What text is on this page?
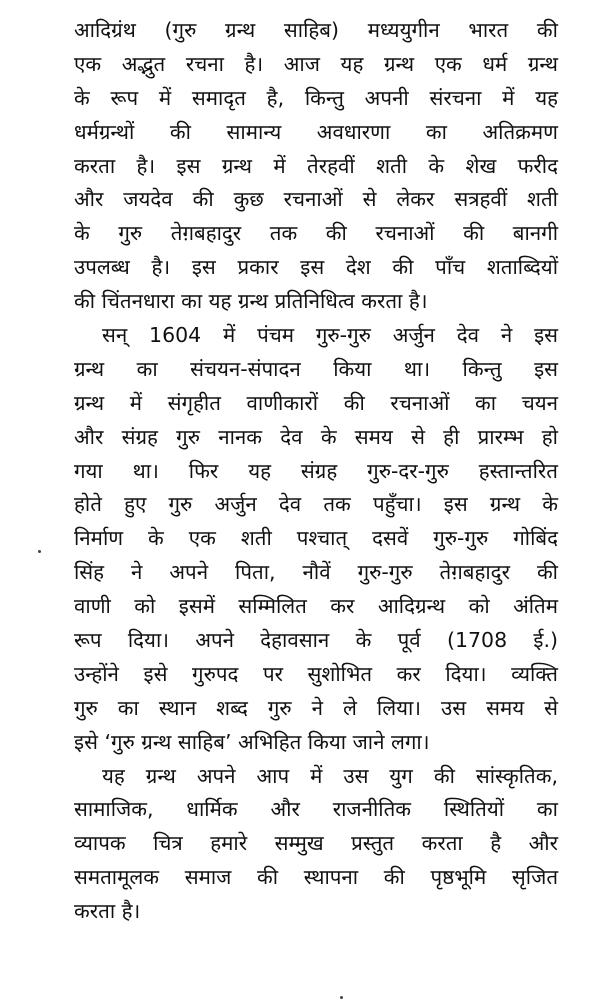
आदिग्रंथ (गुरु ग्रन्थ साहिब) मध्ययुगीन भारत की
एक अद्भुत रचना है। आज यह ग्रन्थ एक धर्म ग्रन्थ
के रूप में समादृत है, किन्तु अपनी संरचना में यह
धर्मग्रन्थों की सामान्य अवधारणा का अतिक्रमण
करता है। इस ग्रन्थ में तेरहवीं शती के शेख फरीद
और जयदेव की कुछ रचनाओं से लेकर सत्रहवीं शती
के गुरु तेग़बहादुर तक की रचनाओं की बानगी
उपलब्ध है। इस प्रकार इस देश की पाँच शताब्दियों
की चिंतनधारा का यह ग्रन्थ प्रतिनिधित्व करता है।
सन् 1604 में पंचम गुरु-गुरु अर्जुन देव ने इस
ग्रन्थ का संचयन-संपादन किया था। किन्तु इस
ग्रन्थ में संगृहीत वाणीकारों की रचनाओं का चयन
और संग्रह गुरु नानक देव के समय से ही प्रारम्भ हो
गया था। फिर यह संग्रह गुरु-दर-गुरु हस्तान्तरित
होते हुए गुरु अर्जुन देव तक पहुँचा। इस ग्रन्थ के
निर्माण के एक शती पश्चात् दसवें गुरु-गुरु गोबिंद
सिंह ने अपने पिता, नौवें गुरु-गुरु तेग़बहादुर की
वाणी को इसमें सम्मिलित कर आदिग्रन्थ को अंतिम
रूप दिया। अपने देहावसान के पूर्व (1708 ई.)
उन्होंने इसे गुरुपद पर सुशोभित कर दिया। व्यक्ति
गुरु का स्थान शब्द गुरु ने ले लिया। उस समय से
इसे ‘गुरु ग्रन्थ साहिब’ अभिहित किया जाने लगा।
यह ग्रन्थ अपने आप में उस युग की सांस्कृतिक,
सामाजिक, धार्मिक और राजनीतिक स्थितियों का
व्यापक चित्र हमारे सम्मुख प्रस्तुत करता है और
समतामूलक समाज की स्थापना की पृष्ठभूमि सृजित
करता है।
